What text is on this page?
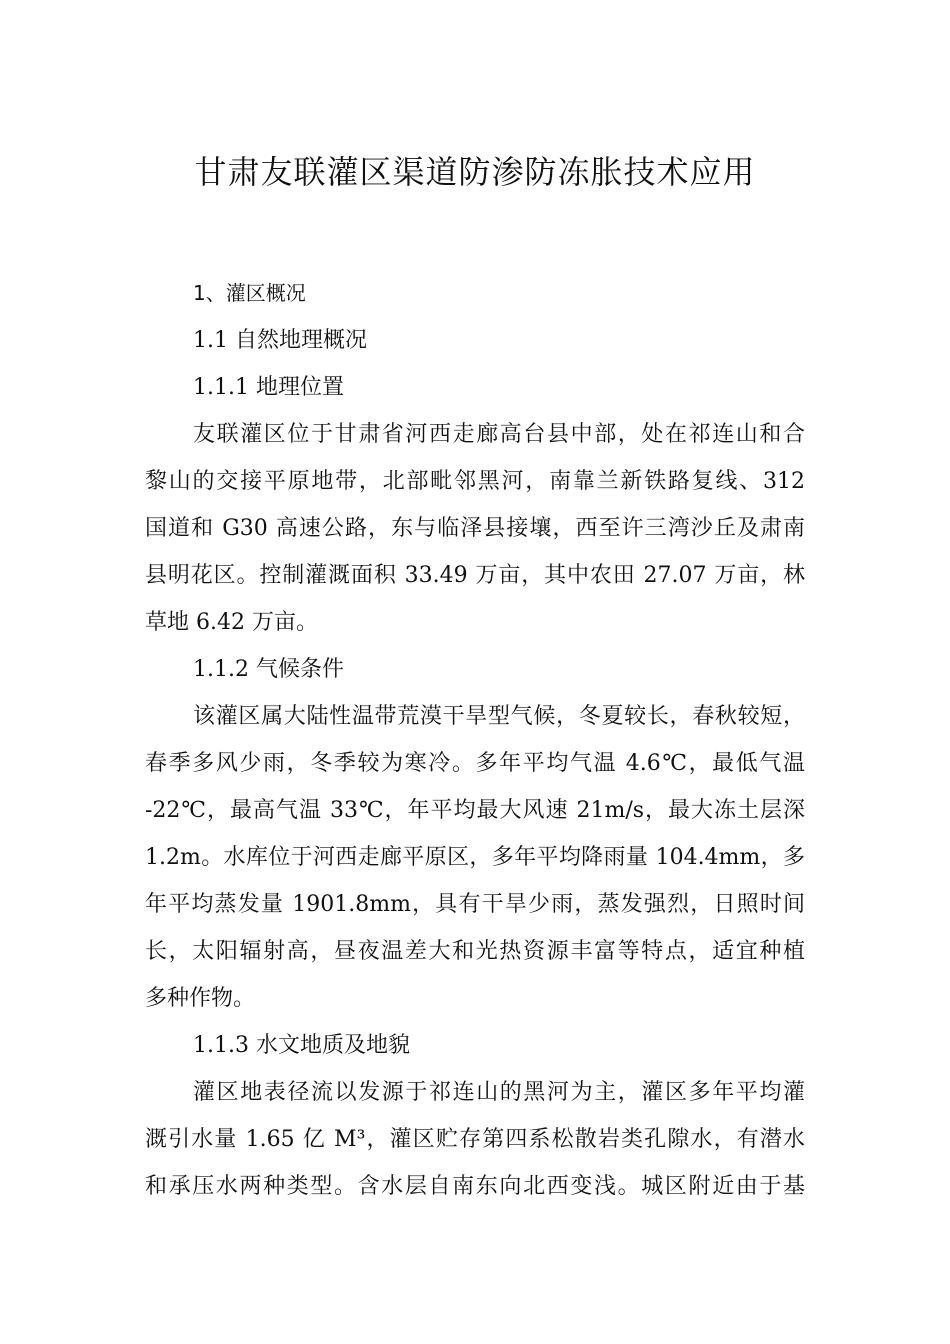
甘肃友联灌区渠道防渗防冻胀技术应用

1、灌区概况

1.1 自然地理概况

1.1.1 地理位置

友联灌区位于甘肃省河西走廊高台县中部，处在祁连山和合

黎山的交接平原地带，北部毗邻黑河，南靠兰新铁路复线、312

国道和 G30 高速公路，东与临泽县接壤，西至许三湾沙丘及肃南

县明花区。控制灌溉面积 33.49 万亩，其中农田 27.07 万亩，林

草地 6.42 万亩。

1.1.2 气候条件

该灌区属大陆性温带荒漠干旱型气候，冬夏较长，春秋较短，

春季多风少雨，冬季较为寒冷。多年平均气温 4.6℃，最低气温

-22℃，最高气温 33℃，年平均最大风速 21m/s，最大冻土层深

1.2m。水库位于河西走廊平原区，多年平均降雨量 104.4mm，多

年平均蒸发量 1901.8mm，具有干旱少雨，蒸发强烈，日照时间

长，太阳辐射高，昼夜温差大和光热资源丰富等特点，适宜种植

多种作物。

1.1.3 水文地质及地貌

灌区地表径流以发源于祁连山的黑河为主，灌区多年平均灌

溉引水量 1.65 亿 M³，灌区贮存第四系松散岩类孔隙水，有潜水

和承压水两种类型。含水层自南东向北西变浅。城区附近由于基
